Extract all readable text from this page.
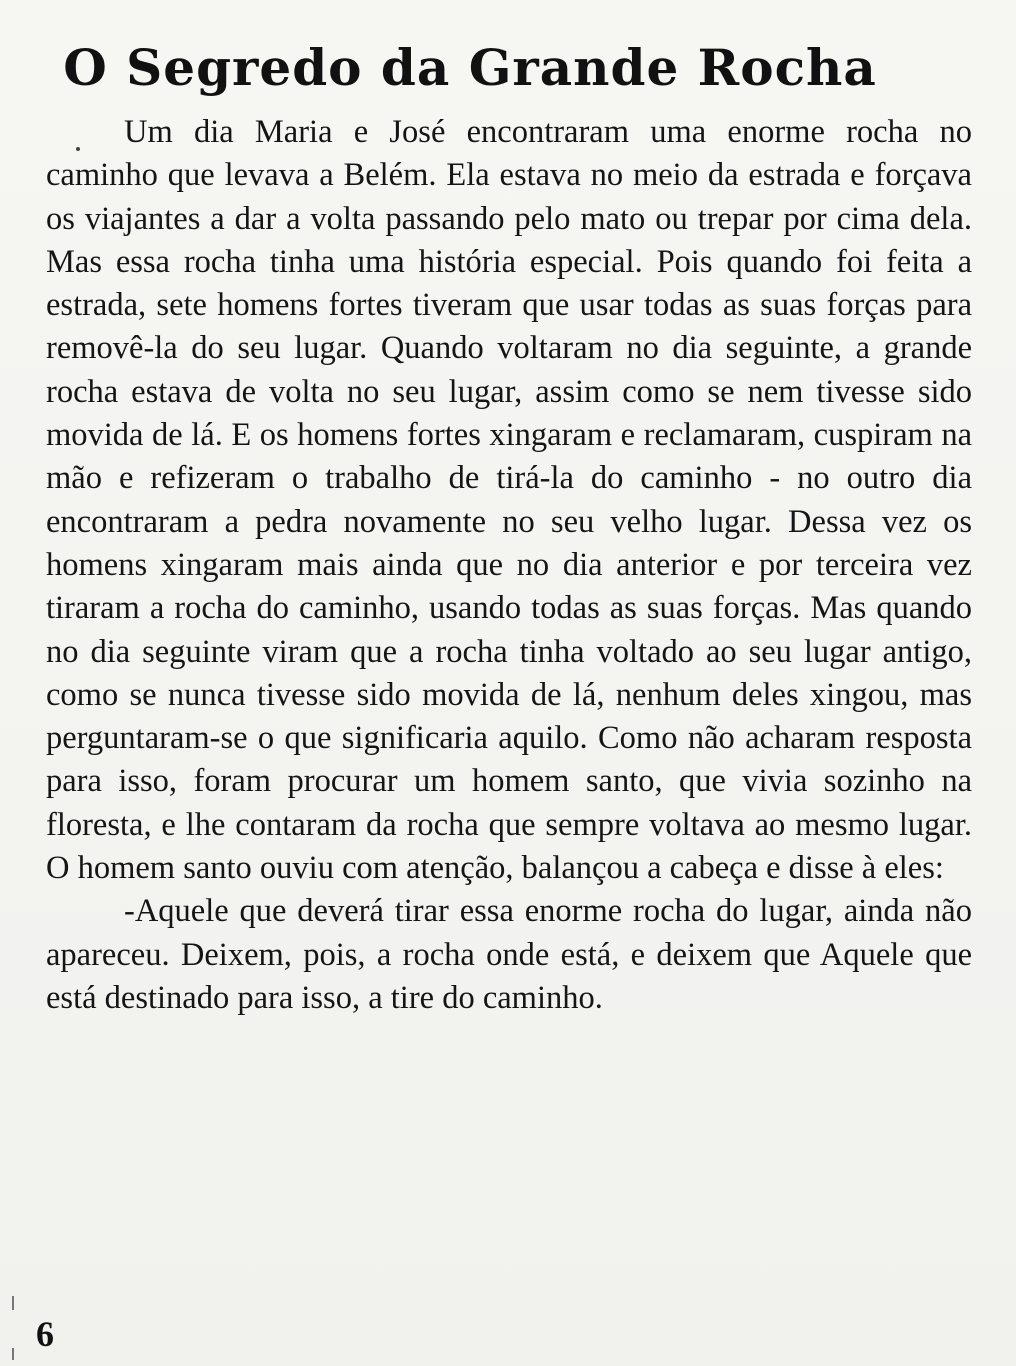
O Segredo da Grande Rocha

Um dia Maria e José encontraram uma enorme rocha no caminho que levava a Belém. Ela estava no meio da estrada e forçava os viajantes a dar a volta passando pelo mato ou trepar por cima dela. Mas essa rocha tinha uma história especial. Pois quando foi feita a estrada, sete homens fortes tiveram que usar todas as suas forças para removê-la do seu lugar. Quando voltaram no dia seguinte, a grande rocha estava de volta no seu lugar, assim como se nem tivesse sido movida de lá. E os homens fortes xingaram e reclamaram, cuspiram na mão e refizeram o trabalho de tirá-la do caminho - no outro dia encontraram a pedra novamente no seu velho lugar. Dessa vez os homens xingaram mais ainda que no dia anterior e por terceira vez tiraram a rocha do caminho, usando todas as suas forças. Mas quando no dia seguinte viram que a rocha tinha voltado ao seu lugar antigo, como se nunca tivesse sido movida de lá, nenhum deles xingou, mas perguntaram-se o que significaria aquilo. Como não acharam resposta para isso, foram procurar um homem santo, que vivia sozinho na floresta, e lhe contaram da rocha que sempre voltava ao mesmo lugar. O homem santo ouviu com atenção, balançou a cabeça e disse à eles:

-Aquele que deverá tirar essa enorme rocha do lugar, ainda não apareceu. Deixem, pois, a rocha onde está, e deixem que Aquele que está destinado para isso, a tire do caminho.

6
